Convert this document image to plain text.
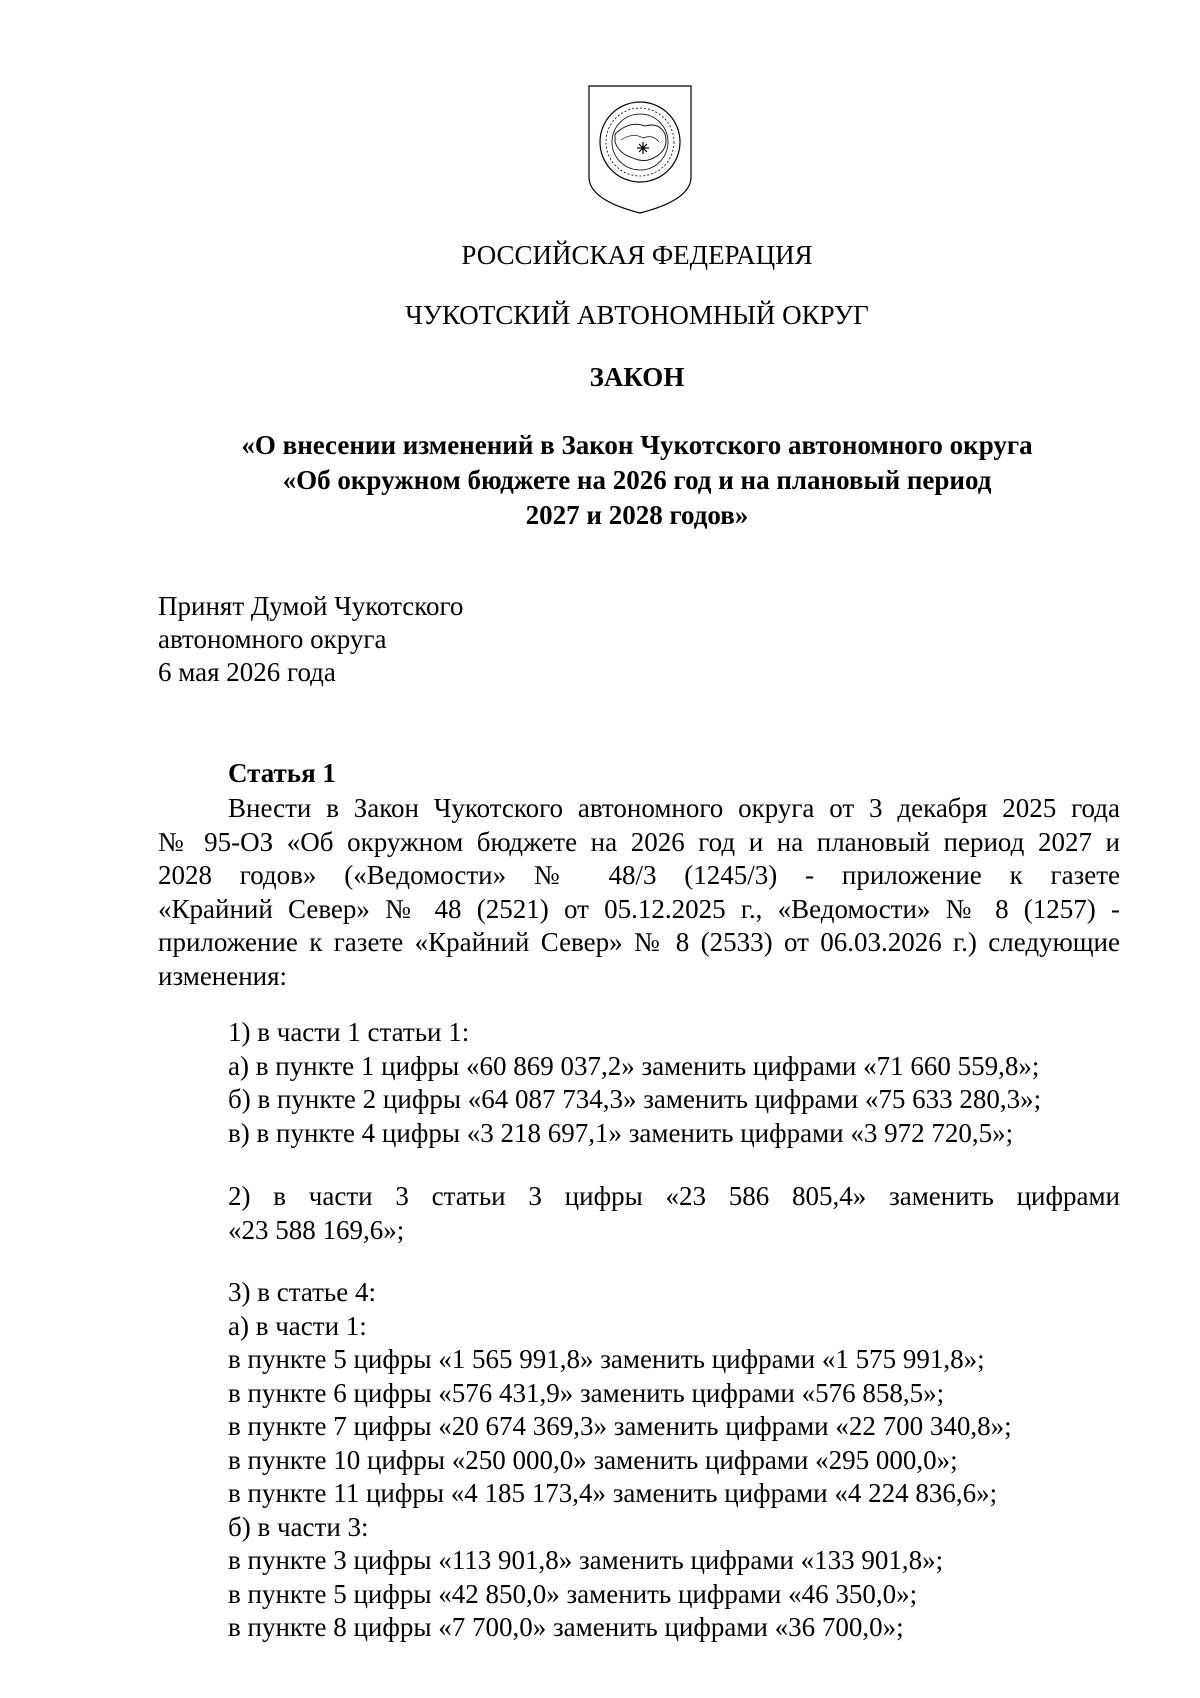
РОССИЙСКАЯ ФЕДЕРАЦИЯ
ЧУКОТСКИЙ АВТОНОМНЫЙ ОКРУГ
ЗАКОН
«О внесении изменений в Закон Чукотского автономного округа
«Об окружном бюджете на 2026 год и на плановый период
2027 и 2028 годов»
Принят Думой Чукотского
автономного округа
6 мая 2026 года
Статья 1
Внести в Закон Чукотского автономного округа от 3 декабря 2025 года
№ 95-ОЗ «Об окружном бюджете на 2026 год и на плановый период 2027 и
2028 годов» («Ведомости» № 48/3 (1245/3) - приложение к газете
«Крайний Север» № 48 (2521) от 05.12.2025 г., «Ведомости» № 8 (1257) -
приложение к газете «Крайний Север» № 8 (2533) от 06.03.2026 г.) следующие
изменения:
1) в части 1 статьи 1:
а) в пункте 1 цифры «60 869 037,2» заменить цифрами «71 660 559,8»;
б) в пункте 2 цифры «64 087 734,3» заменить цифрами «75 633 280,3»;
в) в пункте 4 цифры «3 218 697,1» заменить цифрами «3 972 720,5»;
2) в части 3 статьи 3 цифры «23 586 805,4» заменить цифрами
«23 588 169,6»;
3) в статье 4:
а) в части 1:
в пункте 5 цифры «1 565 991,8» заменить цифрами «1 575 991,8»;
в пункте 6 цифры «576 431,9» заменить цифрами «576 858,5»;
в пункте 7 цифры «20 674 369,3» заменить цифрами «22 700 340,8»;
в пункте 10 цифры «250 000,0» заменить цифрами «295 000,0»;
в пункте 11 цифры «4 185 173,4» заменить цифрами «4 224 836,6»;
б) в части 3:
в пункте 3 цифры «113 901,8» заменить цифрами «133 901,8»;
в пункте 5 цифры «42 850,0» заменить цифрами «46 350,0»;
в пункте 8 цифры «7 700,0» заменить цифрами «36 700,0»;
